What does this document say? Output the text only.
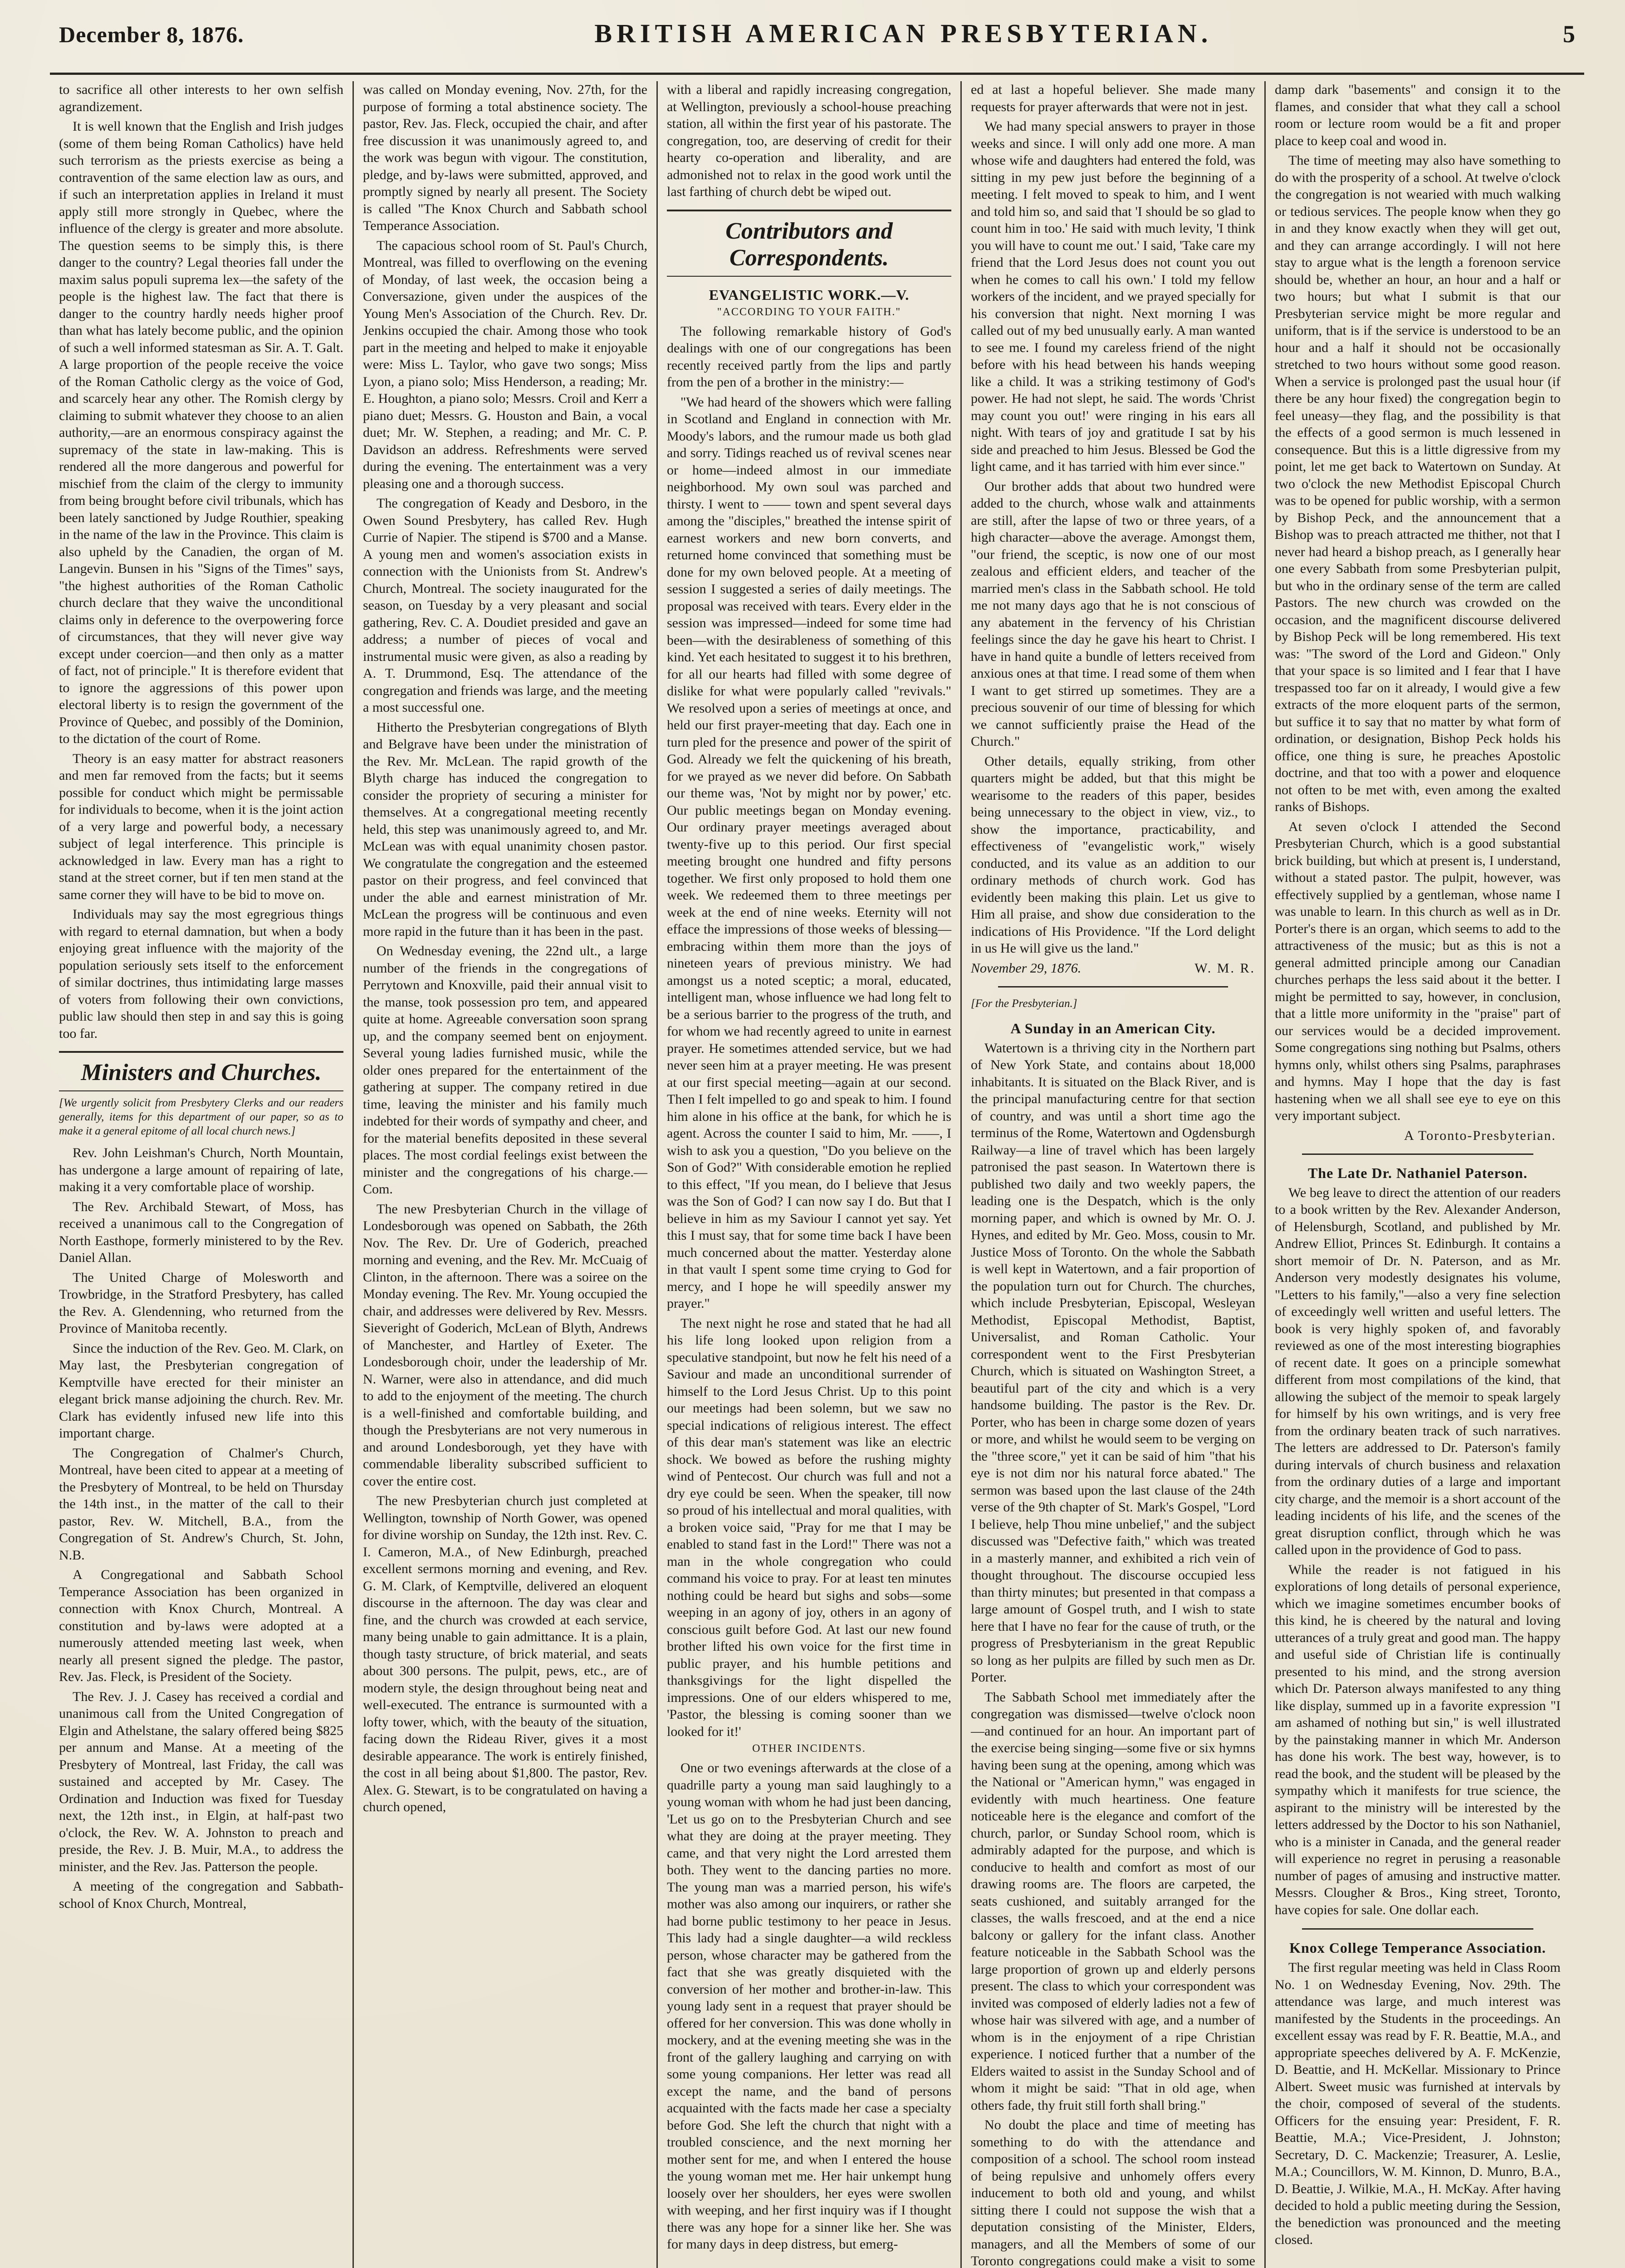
December 8, 1876.	BRITISH AMERICAN PRESBYTERIAN.	5

to sacrifice all other interests to her own selfish agrandizement.

It is well known that the English and Irish judges (some of them being Roman Catholics) have held such terrorism as the priests exercise as being a contravention of the same election law as ours, and if such an interpretation applies in Ireland it must apply still more strongly in Quebec, where the influence of the clergy is greater and more absolute. The question seems to be simply this, is there danger to the country? Legal theories fall under the maxim salus populi suprema lex—the safety of the people is the highest law. The fact that there is danger to the country hardly needs higher proof than what has lately become public, and the opinion of such a well informed statesman as Sir. A. T. Galt. A large proportion of the people receive the voice of the Roman Catholic clergy as the voice of God, and scarcely hear any other. The Romish clergy by claiming to submit whatever they choose to an alien authority,—are an enormous conspiracy against the supremacy of the state in law-making. This is rendered all the more dangerous and powerful for mischief from the claim of the clergy to immunity from being brought before civil tribunals, which has been lately sanctioned by Judge Routhier, speaking in the name of the law in the Province. This claim is also upheld by the Canadien, the organ of M. Langevin. Bunsen in his "Signs of the Times" says, "the highest authorities of the Roman Catholic church declare that they waive the unconditional claims only in deference to the overpowering force of circumstances, that they will never give way except under coercion—and then only as a matter of fact, not of principle." It is therefore evident that to ignore the aggressions of this power upon electoral liberty is to resign the government of the Province of Quebec, and possibly of the Dominion, to the dictation of the court of Rome.

Theory is an easy matter for abstract reasoners and men far removed from the facts; but it seems possible for conduct which might be permissable for individuals to become, when it is the joint action of a very large and powerful body, a necessary subject of legal interference. This principle is acknowledged in law. Every man has a right to stand at the street corner, but if ten men stand at the same corner they will have to be bid to move on.

Individuals may say the most egregrious things with regard to eternal damnation, but when a body enjoying great influence with the majority of the population seriously sets itself to the enforcement of similar doctrines, thus intimidating large masses of voters from following their own convictions, public law should then step in and say this is going too far.

Ministers and Churches.
[We urgently solicit from Presbytery Clerks and our readers generally, items for this department of our paper, so as to make it a general epitome of all local church news.]

Rev. John Leishman's Church, North Mountain, has undergone a large amount of repairing of late, making it a very comfortable place of worship.

The Rev. Archibald Stewart, of Moss, has received a unanimous call to the Congregation of North Easthope, formerly ministered to by the Rev. Daniel Allan.

The United Charge of Molesworth and Trowbridge, in the Stratford Presbytery, has called the Rev. A. Glendenning, who returned from the Province of Manitoba recently.

Since the induction of the Rev. Geo. M. Clark, on May last, the Presbyterian congregation of Kemptville have erected for their minister an elegant brick manse adjoining the church. Rev. Mr. Clark has evidently infused new life into this important charge.

The Congregation of Chalmer's Church, Montreal, have been cited to appear at a meeting of the Presbytery of Montreal, to be held on Thursday the 14th inst., in the matter of the call to their pastor, Rev. W. Mitchell, B.A., from the Congregation of St. Andrew's Church, St. John, N.B.

A Congregational and Sabbath School Temperance Association has been organized in connection with Knox Church, Montreal. A constitution and by-laws were adopted at a numerously attended meeting last week, when nearly all present signed the pledge. The pastor, Rev. Jas. Fleck, is President of the Society.

The Rev. J. J. Casey has received a cordial and unanimous call from the United Congregation of Elgin and Athelstane, the salary offered being $825 per annum and Manse. At a meeting of the Presbytery of Montreal, last Friday, the call was sustained and accepted by Mr. Casey. The Ordination and Induction was fixed for Tuesday next, the 12th inst., in Elgin, at half-past two o'clock, the Rev. W. A. Johnston to preach and preside, the Rev. J. B. Muir, M.A., to address the minister, and the Rev. Jas. Patterson the people.

A meeting of the congregation and Sabbath-school of Knox Church, Montreal,

was called on Monday evening, Nov. 27th, for the purpose of forming a total abstinence society. The pastor, Rev. Jas. Fleck, occupied the chair, and after free discussion it was unanimously agreed to, and the work was begun with vigour. The constitution, pledge, and by-laws were submitted, approved, and promptly signed by nearly all present. The Society is called "The Knox Church and Sabbath school Temperance Association.

The capacious school room of St. Paul's Church, Montreal, was filled to overflowing on the evening of Monday, of last week, the occasion being a Conversazione, given under the auspices of the Young Men's Association of the Church. Rev. Dr. Jenkins occupied the chair. Among those who took part in the meeting and helped to make it enjoyable were: Miss L. Taylor, who gave two songs; Miss Lyon, a piano solo; Miss Henderson, a reading; Mr. E. Houghton, a piano solo; Messrs. Croil and Kerr a piano duet; Messrs. G. Houston and Bain, a vocal duet; Mr. W. Stephen, a reading; and Mr. C. P. Davidson an address. Refreshments were served during the evening. The entertainment was a very pleasing one and a thorough success.

The congregation of Keady and Desboro, in the Owen Sound Presbytery, has called Rev. Hugh Currie of Napier. The stipend is $700 and a Manse. A young men and women's association exists in connection with the Unionists from St. Andrew's Church, Montreal. The society inaugurated for the season, on Tuesday by a very pleasant and social gathering, Rev. C. A. Doudiet presided and gave an address; a number of pieces of vocal and instrumental music were given, as also a reading by A. T. Drummond, Esq. The attendance of the congregation and friends was large, and the meeting a most successful one.

Hitherto the Presbyterian congregations of Blyth and Belgrave have been under the ministration of the Rev. Mr. McLean. The rapid growth of the Blyth charge has induced the congregation to consider the propriety of securing a minister for themselves. At a congregational meeting recently held, this step was unanimously agreed to, and Mr. McLean was with equal unanimity chosen pastor. We congratulate the congregation and the esteemed pastor on their progress, and feel convinced that under the able and earnest ministration of Mr. McLean the progress will be continuous and even more rapid in the future than it has been in the past.

On Wednesday evening, the 22nd ult., a large number of the friends in the congregations of Perrytown and Knoxville, paid their annual visit to the manse, took possession pro tem, and appeared quite at home. Agreeable conversation soon sprang up, and the company seemed bent on enjoyment. Several young ladies furnished music, while the older ones prepared for the entertainment of the gathering at supper. The company retired in due time, leaving the minister and his family much indebted for their words of sympathy and cheer, and for the material benefits deposited in these several places. The most cordial feelings exist between the minister and the congregations of his charge.—Com.

The new Presbyterian Church in the village of Londesborough was opened on Sabbath, the 26th Nov. The Rev. Dr. Ure of Goderich, preached morning and evening, and the Rev. Mr. McCuaig of Clinton, in the afternoon. There was a soiree on the Monday evening. The Rev. Mr. Young occupied the chair, and addresses were delivered by Rev. Messrs. Sieveright of Goderich, McLean of Blyth, Andrews of Manchester, and Hartley of Exeter. The Londesborough choir, under the leadership of Mr. N. Warner, were also in attendance, and did much to add to the enjoyment of the meeting. The church is a well-finished and comfortable building, and though the Presbyterians are not very numerous in and around Londesborough, yet they have with commendable liberality subscribed sufficient to cover the entire cost.

The new Presbyterian church just completed at Wellington, township of North Gower, was opened for divine worship on Sunday, the 12th inst. Rev. C. I. Cameron, M.A., of New Edinburgh, preached excellent sermons morning and evening, and Rev. G. M. Clark, of Kemptville, delivered an eloquent discourse in the afternoon. The day was clear and fine, and the church was crowded at each service, many being unable to gain admittance. It is a plain, though tasty structure, of brick material, and seats about 300 persons. The pulpit, pews, etc., are of modern style, the design throughout being neat and well-executed. The entrance is surmounted with a lofty tower, which, with the beauty of the situation, facing down the Rideau River, gives it a most desirable appearance. The work is entirely finished, the cost in all being about $1,800. The pastor, Rev. Alex. G. Stewart, is to be congratulated on having a church opened,

with a liberal and rapidly increasing congregation, at Wellington, previously a school-house preaching station, all within the first year of his pastorate. The congregation, too, are deserving of credit for their hearty co-operation and liberality, and are admonished not to relax in the good work until the last farthing of church debt be wiped out.

Contributors and Correspondents.
EVANGELISTIC WORK.—V.
"ACCORDING TO YOUR FAITH."

The following remarkable history of God's dealings with one of our congregations has been recently received partly from the lips and partly from the pen of a brother in the ministry:—

"We had heard of the showers which were falling in Scotland and England in connection with Mr. Moody's labors, and the rumour made us both glad and sorry. Tidings reached us of revival scenes near or home—indeed almost in our immediate neighborhood. My own soul was parched and thirsty. I went to —— town and spent several days among the "disciples," breathed the intense spirit of earnest workers and new born converts, and returned home convinced that something must be done for my own beloved people. At a meeting of session I suggested a series of daily meetings. The proposal was received with tears. Every elder in the session was impressed—indeed for some time had been—with the desirableness of something of this kind. Yet each hesitated to suggest it to his brethren, for all our hearts had filled with some degree of dislike for what were popularly called "revivals." We resolved upon a series of meetings at once, and held our first prayer-meeting that day. Each one in turn pled for the presence and power of the spirit of God. Already we felt the quickening of his breath, for we prayed as we never did before. On Sabbath our theme was, 'Not by might nor by power,' etc. Our public meetings began on Monday evening. Our ordinary prayer meetings averaged about twenty-five up to this period. Our first special meeting brought one hundred and fifty persons together. We first only proposed to hold them one week. We redeemed them to three meetings per week at the end of nine weeks. Eternity will not efface the impressions of those weeks of blessing—embracing within them more than the joys of nineteen years of previous ministry. We had amongst us a noted sceptic; a moral, educated, intelligent man, whose influence we had long felt to be a serious barrier to the progress of the truth, and for whom we had recently agreed to unite in earnest prayer. He sometimes attended service, but we had never seen him at a prayer meeting. He was present at our first special meeting—again at our second. Then I felt impelled to go and speak to him. I found him alone in his office at the bank, for which he is agent. Across the counter I said to him, Mr. ——, I wish to ask you a question, "Do you believe on the Son of God?" With considerable emotion he replied to this effect, "If you mean, do I believe that Jesus was the Son of God? I can now say I do. But that I believe in him as my Saviour I cannot yet say. Yet this I must say, that for some time back I have been much concerned about the matter. Yesterday alone in that vault I spent some time crying to God for mercy, and I hope he will speedily answer my prayer."

The next night he rose and stated that he had all his life long looked upon religion from a speculative standpoint, but now he felt his need of a Saviour and made an unconditional surrender of himself to the Lord Jesus Christ. Up to this point our meetings had been solemn, but we saw no special indications of religious interest. The effect of this dear man's statement was like an electric shock. We bowed as before the rushing mighty wind of Pentecost. Our church was full and not a dry eye could be seen. When the speaker, till now so proud of his intellectual and moral qualities, with a broken voice said, "Pray for me that I may be enabled to stand fast in the Lord!" There was not a man in the whole congregation who could command his voice to pray. For at least ten minutes nothing could be heard but sighs and sobs—some weeping in an agony of joy, others in an agony of conscious guilt before God. At last our new found brother lifted his own voice for the first time in public prayer, and his humble petitions and thanksgivings for the light dispelled the impressions. One of our elders whispered to me, 'Pastor, the blessing is coming sooner than we looked for it!'

OTHER INCIDENTS.

One or two evenings afterwards at the close of a quadrille party a young man said laughingly to a young woman with whom he had just been dancing, 'Let us go on to the Presbyterian Church and see what they are doing at the prayer meeting. They came, and that very night the Lord arrested them both. They went to the dancing parties no more. The young man was a married person, his wife's mother was also among our inquirers, or rather she had borne public testimony to her peace in Jesus. This lady had a single daughter—a wild reckless person, whose character may be gathered from the fact that she was greatly disquieted with the conversion of her mother and brother-in-law. This young lady sent in a request that prayer should be offered for her conversion. This was done wholly in mockery, and at the evening meeting she was in the front of the gallery laughing and carrying on with some young companions. Her letter was read all except the name, and the band of persons acquainted with the facts made her case a specialty before God. She left the church that night with a troubled conscience, and the next morning her mother sent for me, and when I entered the house the young woman met me. Her hair unkempt hung loosely over her shoulders, her eyes were swollen with weeping, and her first inquiry was if I thought there was any hope for a sinner like her. She was for many days in deep distress, but emerg-

ed at last a hopeful believer. She made many requests for prayer afterwards that were not in jest.

We had many special answers to prayer in those weeks and since. I will only add one more. A man whose wife and daughters had entered the fold, was sitting in my pew just before the beginning of a meeting. I felt moved to speak to him, and I went and told him so, and said that 'I should be so glad to count him in too.' He said with much levity, 'I think you will have to count me out.' I said, 'Take care my friend that the Lord Jesus does not count you out when he comes to call his own.' I told my fellow workers of the incident, and we prayed specially for his conversion that night. Next morning I was called out of my bed unusually early. A man wanted to see me. I found my careless friend of the night before with his head between his hands weeping like a child. It was a striking testimony of God's power. He had not slept, he said. The words 'Christ may count you out!' were ringing in his ears all night. With tears of joy and gratitude I sat by his side and preached to him Jesus. Blessed be God the light came, and it has tarried with him ever since."

Our brother adds that about two hundred were added to the church, whose walk and attainments are still, after the lapse of two or three years, of a high character—above the average. Amongst them, "our friend, the sceptic, is now one of our most zealous and efficient elders, and teacher of the married men's class in the Sabbath school. He told me not many days ago that he is not conscious of any abatement in the fervency of his Christian feelings since the day he gave his heart to Christ. I have in hand quite a bundle of letters received from anxious ones at that time. I read some of them when I want to get stirred up sometimes. They are a precious souvenir of our time of blessing for which we cannot sufficiently praise the Head of the Church."

Other details, equally striking, from other quarters might be added, but that this might be wearisome to the readers of this paper, besides being unnecessary to the object in view, viz., to show the importance, practicability, and effectiveness of "evangelistic work," wisely conducted, and its value as an addition to our ordinary methods of church work. God has evidently been making this plain. Let us give to Him all praise, and show due consideration to the indications of His Providence. "If the Lord delight in us He will give us the land."

November 29, 1876.	W. M. R.
[For the Presbyterian.]
A Sunday in an American City.

Watertown is a thriving city in the Northern part of New York State, and contains about 18,000 inhabitants. It is situated on the Black River, and is the principal manufacturing centre for that section of country, and was until a short time ago the terminus of the Rome, Watertown and Ogdensburgh Railway—a line of travel which has been largely patronised the past season. In Watertown there is published two daily and two weekly papers, the leading one is the Despatch, which is the only morning paper, and which is owned by Mr. O. J. Hynes, and edited by Mr. Geo. Moss, cousin to Mr. Justice Moss of Toronto. On the whole the Sabbath is well kept in Watertown, and a fair proportion of the population turn out for Church. The churches, which include Presbyterian, Episcopal, Wesleyan Methodist, Episcopal Methodist, Baptist, Universalist, and Roman Catholic. Your correspondent went to the First Presbyterian Church, which is situated on Washington Street, a beautiful part of the city and which is a very handsome building. The pastor is the Rev. Dr. Porter, who has been in charge some dozen of years or more, and whilst he would seem to be verging on the "three score," yet it can be said of him "that his eye is not dim nor his natural force abated." The sermon was based upon the last clause of the 24th verse of the 9th chapter of St. Mark's Gospel, "Lord I believe, help Thou mine unbelief," and the subject discussed was "Defective faith," which was treated in a masterly manner, and exhibited a rich vein of thought throughout. The discourse occupied less than thirty minutes; but presented in that compass a large amount of Gospel truth, and I wish to state here that I have no fear for the cause of truth, or the progress of Presbyterianism in the great Republic so long as her pulpits are filled by such men as Dr. Porter.

The Sabbath School met immediately after the congregation was dismissed—twelve o'clock noon—and continued for an hour. An important part of the exercise being singing—some five or six hymns having been sung at the opening, among which was the National or "American hymn," was engaged in evidently with much heartiness. One feature noticeable here is the elegance and comfort of the church, parlor, or Sunday School room, which is admirably adapted for the purpose, and which is conducive to health and comfort as most of our drawing rooms are. The floors are carpeted, the seats cushioned, and suitably arranged for the classes, the walls frescoed, and at the end a nice balcony or gallery for the infant class. Another feature noticeable in the Sabbath School was the large proportion of grown up and elderly persons present. The class to which your correspondent was invited was composed of elderly ladies not a few of whose hair was silvered with age, and a number of whom is in the enjoyment of a ripe Christian experience. I noticed further that a number of the Elders waited to assist in the Sunday School and of whom it might be said: "That in old age, when others fade, thy fruit still forth shall bring."

No doubt the place and time of meeting has something to do with the attendance and composition of a school. The school room instead of being repulsive and unhomely offers every inducement to both old and young, and whilst sitting there I could not suppose the wish that a deputation consisting of the Minister, Elders, managers, and all the Members of some of our Toronto congregations could make a visit to some

damp dark "basements" and consign it to the flames, and consider that what they call a school room or lecture room would be a fit and proper place to keep coal and wood in.

The time of meeting may also have something to do with the prosperity of a school. At twelve o'clock the congregation is not wearied with much walking or tedious services. The people know when they go in and they know exactly when they will get out, and they can arrange accordingly. I will not here stay to argue what is the length a forenoon service should be, whether an hour, an hour and a half or two hours; but what I submit is that our Presbyterian service might be more regular and uniform, that is if the service is understood to be an hour and a half it should not be occasionally stretched to two hours without some good reason. When a service is prolonged past the usual hour (if there be any hour fixed) the congregation begin to feel uneasy—they flag, and the possibility is that the effects of a good sermon is much lessened in consequence. But this is a little digressive from my point, let me get back to Watertown on Sunday. At two o'clock the new Methodist Episcopal Church was to be opened for public worship, with a sermon by Bishop Peck, and the announcement that a Bishop was to preach attracted me thither, not that I never had heard a bishop preach, as I generally hear one every Sabbath from some Presbyterian pulpit, but who in the ordinary sense of the term are called Pastors. The new church was crowded on the occasion, and the magnificent discourse delivered by Bishop Peck will be long remembered. His text was: "The sword of the Lord and Gideon." Only that your space is so limited and I fear that I have trespassed too far on it already, I would give a few extracts of the more eloquent parts of the sermon, but suffice it to say that no matter by what form of ordination, or designation, Bishop Peck holds his office, one thing is sure, he preaches Apostolic doctrine, and that too with a power and eloquence not often to be met with, even among the exalted ranks of Bishops.

At seven o'clock I attended the Second Presbyterian Church, which is a good substantial brick building, but which at present is, I understand, without a stated pastor. The pulpit, however, was effectively supplied by a gentleman, whose name I was unable to learn. In this church as well as in Dr. Porter's there is an organ, which seems to add to the attractiveness of the music; but as this is not a general admitted principle among our Canadian churches perhaps the less said about it the better. I might be permitted to say, however, in conclusion, that a little more uniformity in the "praise" part of our services would be a decided improvement. Some congregations sing nothing but Psalms, others hymns only, whilst others sing Psalms, paraphrases and hymns. May I hope that the day is fast hastening when we all shall see eye to eye on this very important subject.

A Toronto-Presbyterian.
The Late Dr. Nathaniel Paterson.

We beg leave to direct the attention of our readers to a book written by the Rev. Alexander Anderson, of Helensburgh, Scotland, and published by Mr. Andrew Elliot, Princes St. Edinburgh. It contains a short memoir of Dr. N. Paterson, and as Mr. Anderson very modestly designates his volume, "Letters to his family,"—also a very fine selection of exceedingly well written and useful letters. The book is very highly spoken of, and favorably reviewed as one of the most interesting biographies of recent date. It goes on a principle somewhat different from most compilations of the kind, that allowing the subject of the memoir to speak largely for himself by his own writings, and is very free from the ordinary beaten track of such narratives. The letters are addressed to Dr. Paterson's family during intervals of church business and relaxation from the ordinary duties of a large and important city charge, and the memoir is a short account of the leading incidents of his life, and the scenes of the great disruption conflict, through which he was called upon in the providence of God to pass.

While the reader is not fatigued in his explorations of long details of personal experience, which we imagine sometimes encumber books of this kind, he is cheered by the natural and loving utterances of a truly great and good man. The happy and useful side of Christian life is continually presented to his mind, and the strong aversion which Dr. Paterson always manifested to any thing like display, summed up in a favorite expression "I am ashamed of nothing but sin," is well illustrated by the painstaking manner in which Mr. Anderson has done his work. The best way, however, is to read the book, and the student will be pleased by the sympathy which it manifests for true science, the aspirant to the ministry will be interested by the letters addressed by the Doctor to his son Nathaniel, who is a minister in Canada, and the general reader will experience no regret in perusing a reasonable number of pages of amusing and instructive matter. Messrs. Clougher & Bros., King street, Toronto, have copies for sale. One dollar each.

Knox College Temperance Association.

The first regular meeting was held in Class Room No. 1 on Wednesday Evening, Nov. 29th. The attendance was large, and much interest was manifested by the Students in the proceedings. An excellent essay was read by F. R. Beattie, M.A., and appropriate speeches delivered by A. F. McKenzie, D. Beattie, and H. McKellar. Missionary to Prince Albert. Sweet music was furnished at intervals by the choir, composed of several of the students. Officers for the ensuing year: President, F. R. Beattie, M.A.; Vice-President, J. Johnston; Secretary, D. C. Mackenzie; Treasurer, A. Leslie, M.A.; Councillors, W. M. Kinnon, D. Munro, B.A., D. Beattie, J. Wilkie, M.A., H. McKay. After having decided to hold a public meeting during the Session, the benediction was pronounced and the meeting closed.
